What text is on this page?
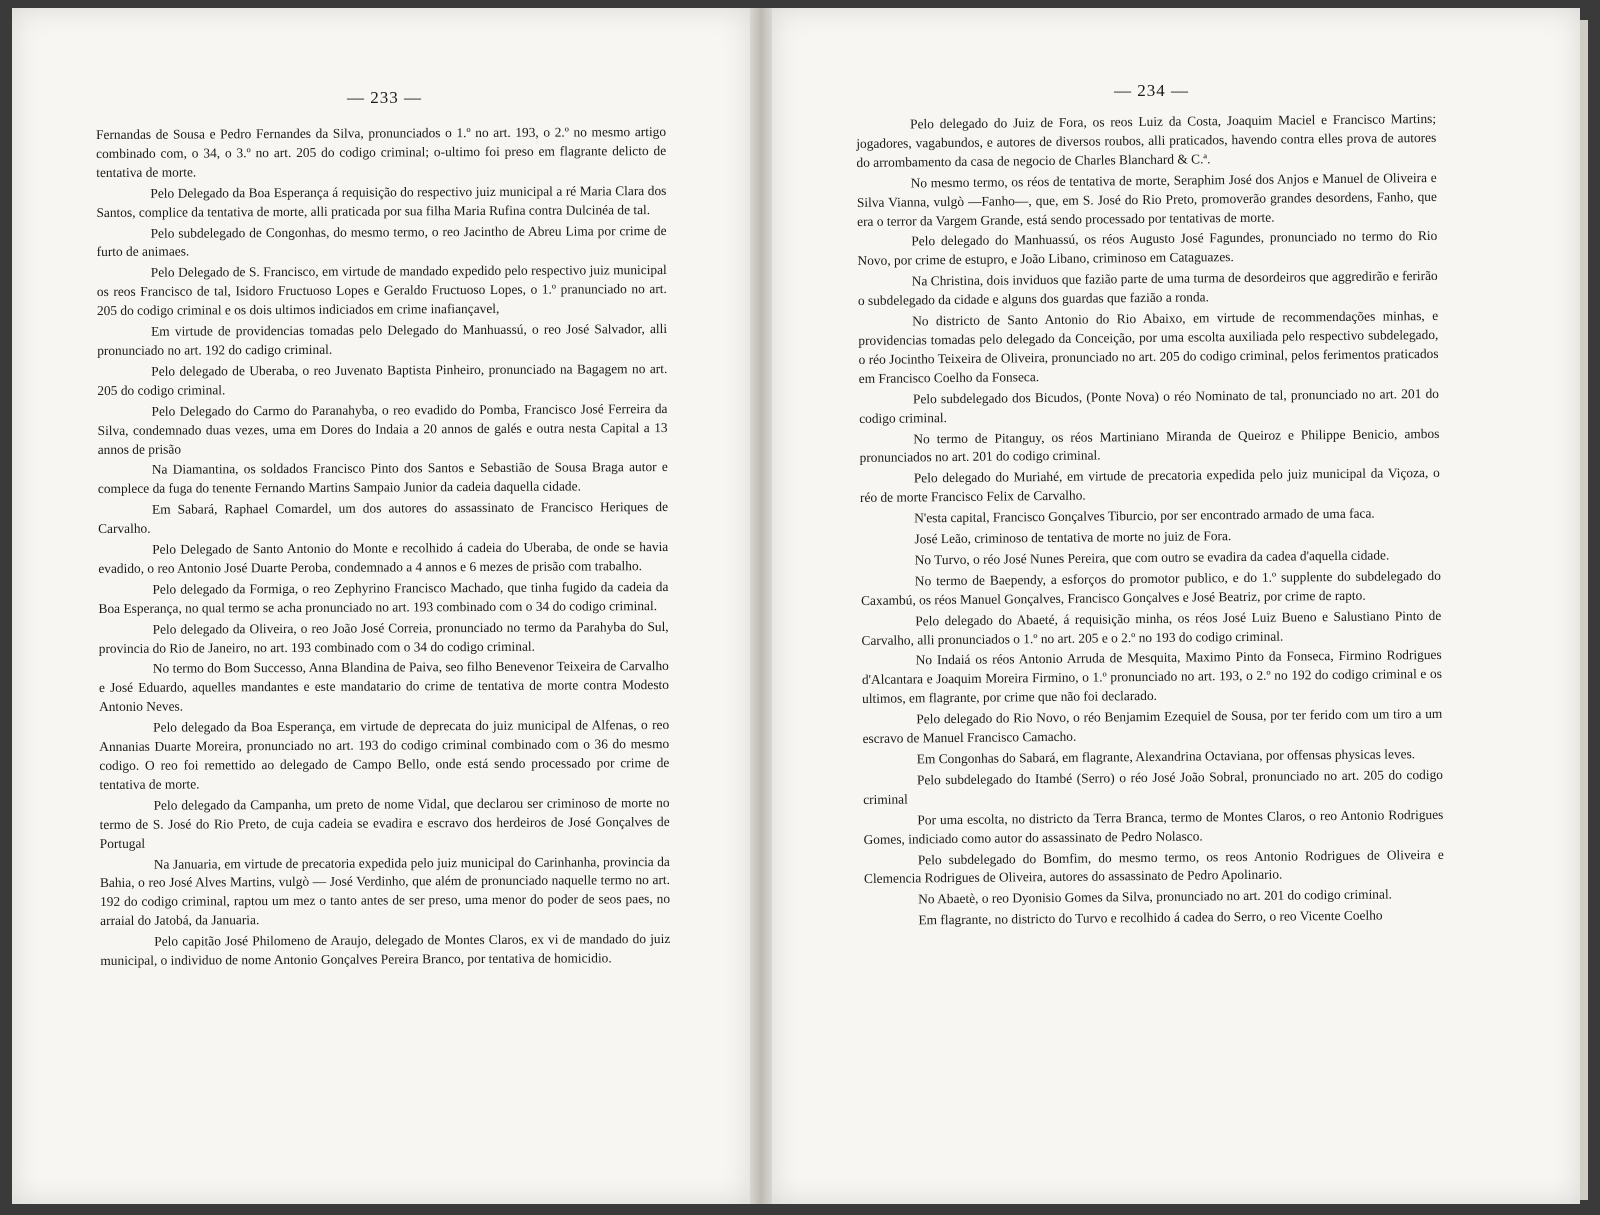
— 233 —

Fernandas de Sousa e Pedro Fernandes da Silva, pronunciados o 1.º no art. 193, o 2.º no mesmo artigo combinado com, o 34, o 3.º no art. 205 do codigo criminal; o-ultimo foi preso em flagrante delicto de tentativa de morte.

Pelo Delegado da Boa Esperança á requisição do respectivo juiz municipal a ré Maria Clara dos Santos, complice da tentativa de morte, alli praticada por sua filha Maria Rufina contra Dulcinéa de tal.

Pelo subdelegado de Congonhas, do mesmo termo, o reo Jacintho de Abreu Lima por crime de furto de animaes.

Pelo Delegado de S. Francisco, em virtude de mandado expedido pelo respectivo juiz municipal os reos Francisco de tal, Isidoro Fructuoso Lopes e Geraldo Fructuoso Lopes, o 1.º pranunciado no art. 205 do codigo criminal e os dois ultimos indiciados em crime inafiançavel,

Em virtude de providencias tomadas pelo Delegado do Manhuassú, o reo José Salvador, alli pronunciado no art. 192 do cadigo criminal.

Pelo delegado de Uberaba, o reo Juvenato Baptista Pinheiro, pronunciado na Bagagem no art. 205 do codigo criminal.

Pelo Delegado do Carmo do Paranahyba, o reo evadido do Pomba, Francisco José Ferreira da Silva, condemnado duas vezes, uma em Dores do Indaia a 20 annos de galés e outra nesta Capital a 13 annos de prisão

Na Diamantina, os soldados Francisco Pinto dos Santos e Sebastião de Sousa Braga autor e complece da fuga do tenente Fernando Martins Sampaio Junior da cadeia daquella cidade.

Em Sabará, Raphael Comardel, um dos autores do assassinato de Francisco Heriques de Carvalho.

Pelo Delegado de Santo Antonio do Monte e recolhido á cadeia do Uberaba, de onde se havia evadido, o reo Antonio José Duarte Peroba, condemnado a 4 annos e 6 mezes de prisão com trabalho.

Pelo delegado da Formiga, o reo Zephyrino Francisco Machado, que tinha fugido da cadeia da Boa Esperança, no qual termo se acha pronunciado no art. 193 combinado com o 34 do codigo criminal.

Pelo delegado da Oliveira, o reo João José Correia, pronunciado no termo da Parahyba do Sul, provincia do Rio de Janeiro, no art. 193 combinado com o 34 do codigo criminal.

No termo do Bom Successo, Anna Blandina de Paiva, seo filho Benevenor Teixeira de Carvalho e José Eduardo, aquelles mandantes e este mandatario do crime de tentativa de morte contra Modesto Antonio Neves.

Pelo delegado da Boa Esperança, em virtude de deprecata do juiz municipal de Alfenas, o reo Annanias Duarte Moreira, pronunciado no art. 193 do codigo criminal combinado com o 36 do mesmo codigo. O reo foi remettido ao delegado de Campo Bello, onde está sendo processado por crime de tentativa de morte.

Pelo delegado da Campanha, um preto de nome Vidal, que declarou ser criminoso de morte no termo de S. José do Rio Preto, de cuja cadeia se evadira e escravo dos herdeiros de José Gonçalves de Portugal

Na Januaria, em virtude de precatoria expedida pelo juiz municipal do Carinhanha, provincia da Bahia, o reo José Alves Martins, vulgò — José Verdinho, que além de pronunciado naquelle termo no art. 192 do codigo criminal, raptou um mez o tanto antes de ser preso, uma menor do poder de seos paes, no arraial do Jatobá, da Januaria.

Pelo capitão José Philomeno de Araujo, delegado de Montes Claros, ex vi de mandado do juiz municipal, o individuo de nome Antonio Gonçalves Pereira Branco, por tentativa de homicidio.

— 234 —

Pelo delegado do Juiz de Fora, os reos Luiz da Costa, Joaquim Maciel e Francisco Martins; jogadores, vagabundos, e autores de diversos roubos, alli praticados, havendo contra elles prova de autores do arrombamento da casa de negocio de Charles Blanchard & C.ª.

No mesmo termo, os réos de tentativa de morte, Seraphim José dos Anjos e Manuel de Oliveira e Silva Vianna, vulgò —Fanho—, que, em S. José do Rio Preto, promoverão grandes desordens, Fanho, que era o terror da Vargem Grande, está sendo processado por tentativas de morte.

Pelo delegado do Manhuassú, os réos Augusto José Fagundes, pronunciado no termo do Rio Novo, por crime de estupro, e João Libano, criminoso em Cataguazes.

Na Christina, dois inviduos que fazião parte de uma turma de desordeiros que aggredirão e ferirão o subdelegado da cidade e alguns dos guardas que fazião a ronda.

No districto de Santo Antonio do Rio Abaixo, em virtude de recommendações minhas, e providencias tomadas pelo delegado da Conceição, por uma escolta auxiliada pelo respectivo subdelegado, o réo Jocintho Teixeira de Oliveira, pronunciado no art. 205 do codigo criminal, pelos ferimentos praticados em Francisco Coelho da Fonseca.

Pelo subdelegado dos Bicudos, (Ponte Nova) o réo Nominato de tal, pronunciado no art. 201 do codigo criminal.

No termo de Pitanguy, os réos Martiniano Miranda de Queiroz e Philippe Benicio, ambos pronunciados no art. 201 do codigo criminal.

Pelo delegado do Muriahé, em virtude de precatoria expedida pelo juiz municipal da Viçoza, o réo de morte Francisco Felix de Carvalho.

N'esta capital, Francisco Gonçalves Tiburcio, por ser encontrado armado de uma faca.

José Leão, criminoso de tentativa de morte no juiz de Fora.

No Turvo, o réo José Nunes Pereira, que com outro se evadira da cadea d'aquella cidade.

No termo de Baependy, a esforços do promotor publico, e do 1.º supplente do subdelegado do Caxambú, os réos Manuel Gonçalves, Francisco Gonçalves e José Beatriz, por crime de rapto.

Pelo delegado do Abaeté, á requisição minha, os réos José Luiz Bueno e Salustiano Pinto de Carvalho, alli pronunciados o 1.º no art. 205 e o 2.º no 193 do codigo criminal.

No Indaiá os réos Antonio Arruda de Mesquita, Maximo Pinto da Fonseca, Firmino Rodrigues d'Alcantara e Joaquim Moreira Firmino, o 1.º pronunciado no art. 193, o 2.º no 192 do codigo criminal e os ultimos, em flagrante, por crime que não foi declarado.

Pelo delegado do Rio Novo, o réo Benjamim Ezequiel de Sousa, por ter ferido com um tiro a um escravo de Manuel Francisco Camacho.

Em Congonhas do Sabará, em flagrante, Alexandrina Octaviana, por offensas physicas leves.

Pelo subdelegado do Itambé (Serro) o réo José João Sobral, pronunciado no art. 205 do codigo criminal

Por uma escolta, no districto da Terra Branca, termo de Montes Claros, o reo Antonio Rodrigues Gomes, indiciado como autor do assassinato de Pedro Nolasco.

Pelo subdelegado do Bomfim, do mesmo termo, os reos Antonio Rodrigues de Oliveira e Clemencia Rodrigues de Oliveira, autores do assassinato de Pedro Apolinario.

No Abaetè, o reo Dyonisio Gomes da Silva, pronunciado no art. 201 do codigo criminal.

Em flagrante, no districto do Turvo e recolhido á cadea do Serro, o reo Vicente Coelho
